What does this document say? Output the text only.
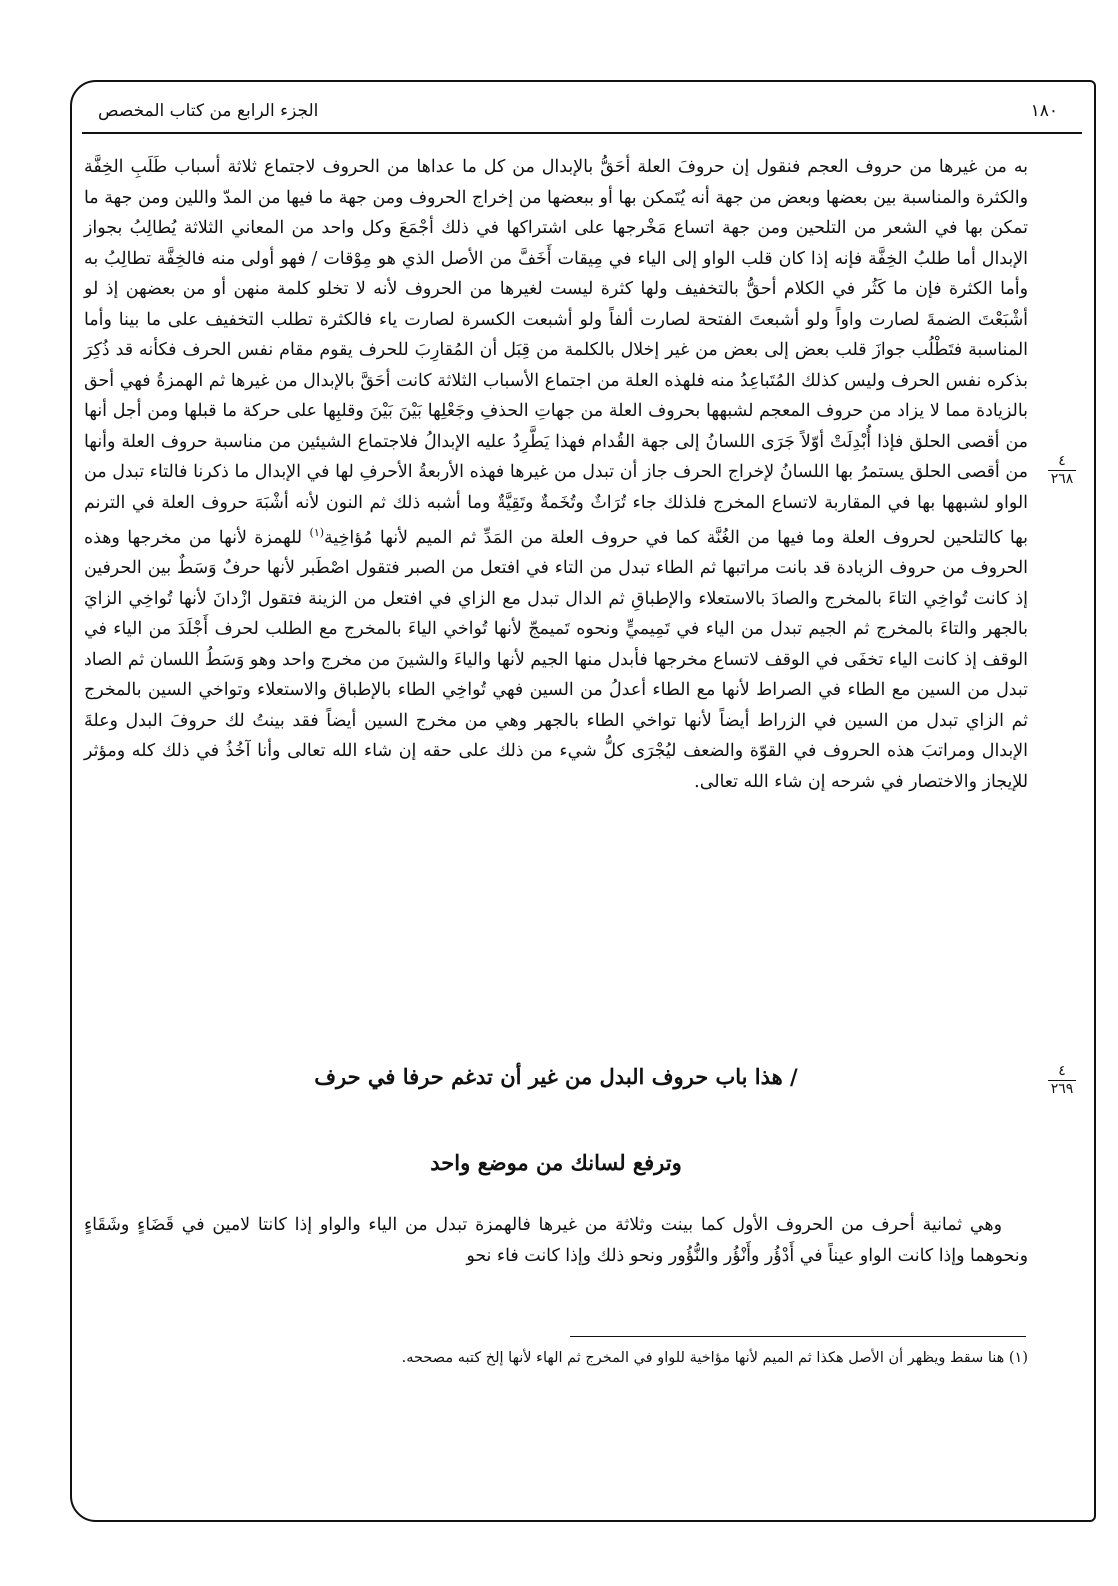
١٨٠
الجزء الرابع من كتاب المخصص

به من غيرها من حروف العجم فنقول إن حروفَ العلة أحَقُّ بالإبدال من كل ما عداها من الحروف لاجتماع ثلاثة أسباب طَلَبِ الخِفَّة والكثرة والمناسبة بين بعضها وبعض من جهة أنه يُتَمكن بها أو ببعضها من إخراج الحروف ومن جهة ما فيها من المدّ واللين ومن جهة ما تمكن بها في الشعر من التلحين ومن جهة اتساع مَخْرجها على اشتراكها في ذلك أجْمَعَ وكل واحد من المعاني الثلاثة يُطالِبُ بجواز الإبدال أما طلبُ الخِفَّة فإنه إذا كان قلب الواو إلى الياء في مِيقات أَخَفَّ من الأصل الذي هو مِوْقات / فهو أولى منه فالخِفَّة تطالِبُ به وأما الكثرة فإن ما كَثُر في الكلام أحقُّ بالتخفيف ولها كثرة ليست لغيرها من الحروف لأنه لا تخلو كلمة منهن أو من بعضهن إذ لو أشْبَعْتَ الضمةَ لصارت واواً ولو أشبعتَ الفتحة لصارت ألفاً ولو أشبعت الكسرة لصارت ياء فالكثرة تطلب التخفيف على ما بينا وأما المناسبة فتَطْلُب جوازَ قلب بعض إلى بعض من غير إخلال بالكلمة من قِبَل أن المُقارِبَ للحرف يقوم مقام نفس الحرف فكأنه قد ذُكِرَ بذكره نفس الحرف وليس كذلك المُتَباعِدُ منه فلهذه العلة من اجتماع الأسباب الثلاثة كانت أحَقَّ بالإبدال من غيرها ثم الهمزةُ فهي أحق بالزيادة مما لا يزاد من حروف المعجم لشبهها بحروف العلة من جهاتِ الحذفِ وجَعْلِها بَيْنَ بَيْنَ وقلبِها على حركة ما قبلها ومن أجل أنها من أقصى الحلق فإذا أُبْدِلَتْ أوّلاً جَرَى اللسانُ إلى جهة القُدام فهذا يَطَّرِدُ عليه الإبدالُ فلاجتماع الشيئين من مناسبة حروف العلة وأنها من أقصى الحلق يستمرُ بها اللسانُ لإخراج الحرف جاز أن تبدل من غيرها فهذه الأربعةُ الأحرفِ لها في الإبدال ما ذكرنا فالتاء تبدل من الواو لشبهها بها في المقاربة لاتساع المخرج فلذلك جاء تُرَاثٌ وتُخَمةٌ وتَقِيَّةٌ وما أشبه ذلك ثم النون لأنه أشْبَهَ حروف العلة في الترنم بها كالتلحين لحروف العلة وما فيها من الغُنَّة كما في حروف العلة من المَدِّ ثم الميم لأنها مُؤاخِية$^{(١)}$ للهمزة لأنها من مخرجها وهذه الحروف من حروف الزيادة قد بانت مراتبها ثم الطاء تبدل من التاء في افتعل من الصبر فتقول اصْطَبر لأنها حرفٌ وَسَطٌ بين الحرفين إذ كانت تُواخِي التاءَ بالمخرج والصادَ بالاستعلاء والإطباقِ ثم الدال تبدل مع الزاي في افتعل من الزينة فتقول ازْدانَ لأنها تُواخِي الزايَ بالجهر والتاءَ بالمخرج ثم الجيم تبدل من الياء في تَمِيميٍّ ونحوه تَميمجّ لأنها تُواخي الياءَ بالمخرج مع الطلب لحرف أَجْلَدَ من الياء في الوقف إذ كانت الياء تخفَى في الوقف لاتساع مخرجها فأبدل منها الجيم لأنها والياءَ والشينَ من مخرج واحد وهو وَسَطُ اللسان ثم الصاد تبدل من السين مع الطاء في الصراط لأنها مع الطاء أعدلُ من السين فهي تُواخِي الطاء بالإطباق والاستعلاء وتواخي السين بالمخرج ثم الزاي تبدل من السين في الزراط أيضاً لأنها تواخي الطاء بالجهر وهي من مخرج السين أيضاً فقد بينتُ لك حروفَ البدل وعلةَ الإبدال ومراتبَ هذه الحروف في القوّة والضعف ليُجْرَى كلُّ شيء من ذلك على حقه إن شاء الله تعالى وأنا آخُذُ في ذلك كله ومؤثر للإيجاز والاختصار في شرحه إن شاء الله تعالى.

٤
٢٦٨
/ هذا باب حروف البدل من غير أن تدغم حرفا في حرف	٤
٢٦٩
وترفع لسانك من موضع واحد

وهي ثمانية أحرف من الحروف الأول كما بينت وثلاثة من غيرها فالهمزة تبدل من الياء والواو إذا كانتا لامين في قَضَاءٍ وشَقَاءٍ ونحوهما وإذا كانت الواو عيناً في أَدْؤُر وأَنْؤُر والنُّؤُور ونحو ذلك وإذا كانت فاء نحو

(١) هنا سقط ويظهر أن الأصل هكذا ثم الميم لأنها مؤاخية للواو في المخرج ثم الهاء لأنها إلخ كتبه مصححه.
